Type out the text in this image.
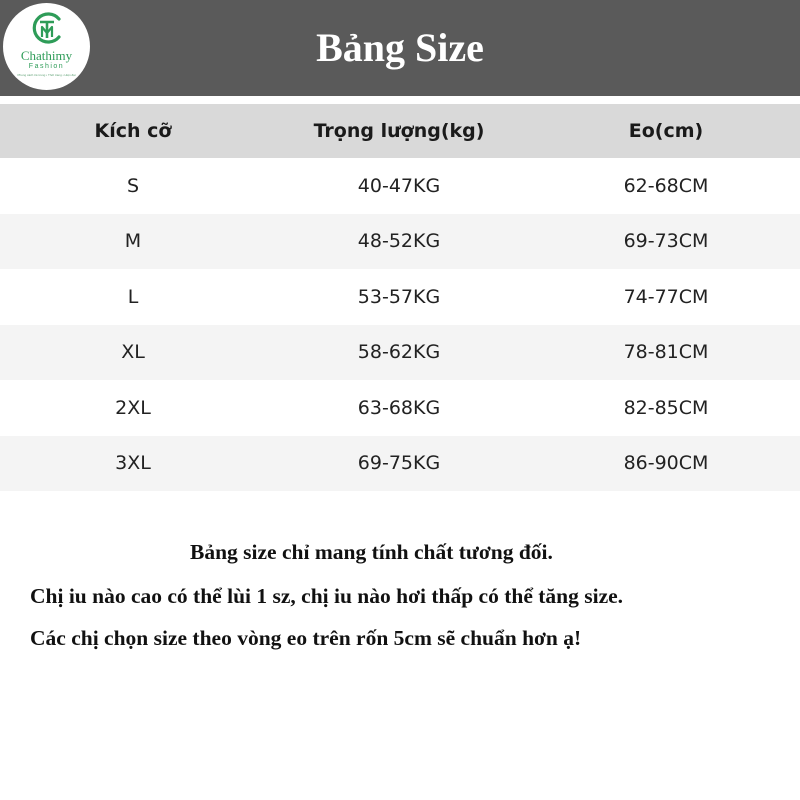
Chathimy
Fashion
Phong cách trẻ trung • Thời trang • Hiện đại
Bảng Size
Kích cỡ	Trọng lượng(kg)	Eo(cm)
S	40-47KG	62-68CM
M	48-52KG	69-73CM
L	53-57KG	74-77CM
XL	58-62KG	78-81CM
2XL	63-68KG	82-85CM
3XL	69-75KG	86-90CM
Bảng size chỉ mang tính chất tương đối.
Chị iu nào cao có thể lùi 1 sz, chị iu nào hơi thấp có thể tăng size.
Các chị chọn size theo vòng eo trên rốn 5cm sẽ chuẩn hơn ạ!
